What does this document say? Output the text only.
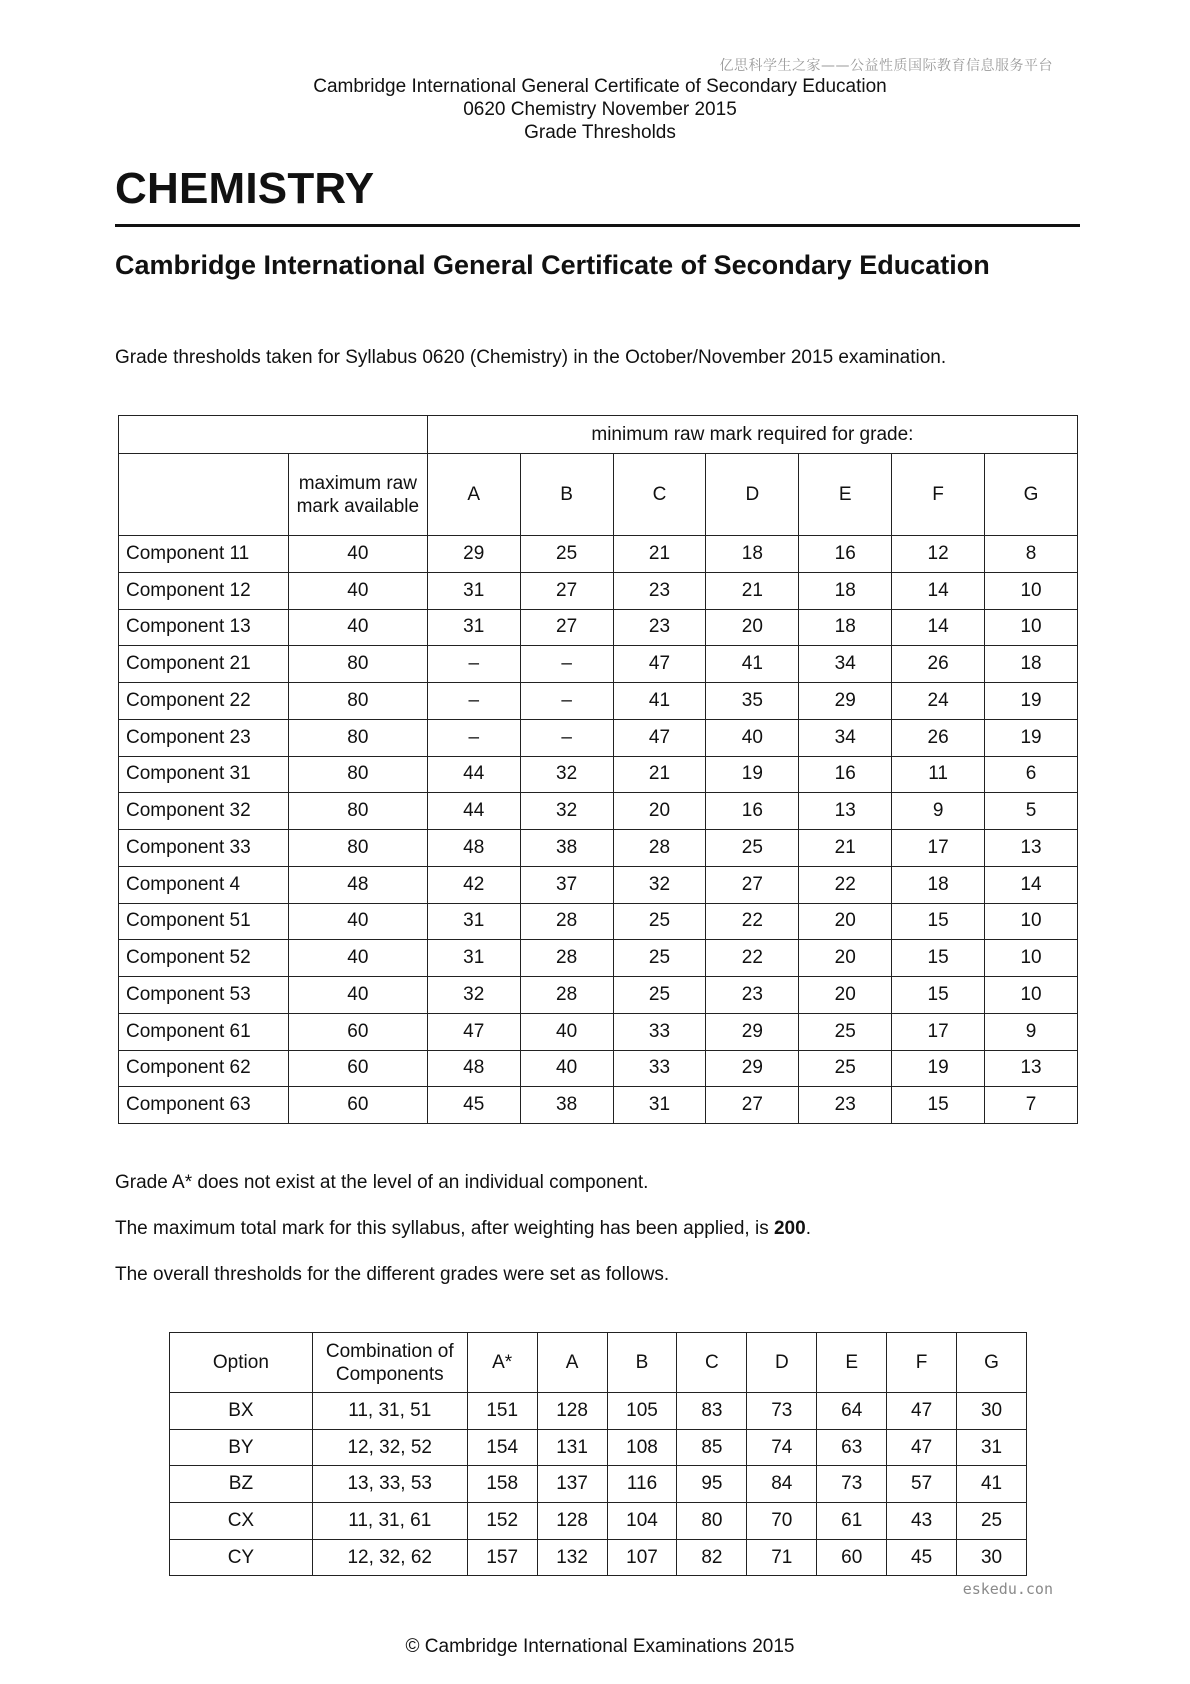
亿思科学生之家——公益性质国际教育信息服务平台
Cambridge International General Certificate of Secondary Education
0620 Chemistry November 2015
Grade Thresholds
CHEMISTRY
Cambridge International General Certificate of Secondary Education
Grade thresholds taken for Syllabus 0620 (Chemistry) in the October/November 2015 examination.
		minimum raw mark required for grade:						
	maximum raw mark available	A	B	C	D	E	F	G
Component 11	40	29	25	21	18	16	12	8
Component 12	40	31	27	23	21	18	14	10
Component 13	40	31	27	23	20	18	14	10
Component 21	80	–	–	47	41	34	26	18
Component 22	80	–	–	41	35	29	24	19
Component 23	80	–	–	47	40	34	26	19
Component 31	80	44	32	21	19	16	11	6
Component 32	80	44	32	20	16	13	9	5
Component 33	80	48	38	28	25	21	17	13
Component 4	48	42	37	32	27	22	18	14
Component 51	40	31	28	25	22	20	15	10
Component 52	40	31	28	25	22	20	15	10
Component 53	40	32	28	25	23	20	15	10
Component 61	60	47	40	33	29	25	17	9
Component 62	60	48	40	33	29	25	19	13
Component 63	60	45	38	31	27	23	15	7
Grade A* does not exist at the level of an individual component.
The maximum total mark for this syllabus, after weighting has been applied, is 200.
The overall thresholds for the different grades were set as follows.
Option	Combination of Components	A*	A	B	C	D	E	F	G
BX	11, 31, 51	151	128	105	83	73	64	47	30
BY	12, 32, 52	154	131	108	85	74	63	47	31
BZ	13, 33, 53	158	137	116	95	84	73	57	41
CX	11, 31, 61	152	128	104	80	70	61	43	25
CY	12, 32, 62	157	132	107	82	71	60	45	30
eskedu.con
© Cambridge International Examinations 2015
